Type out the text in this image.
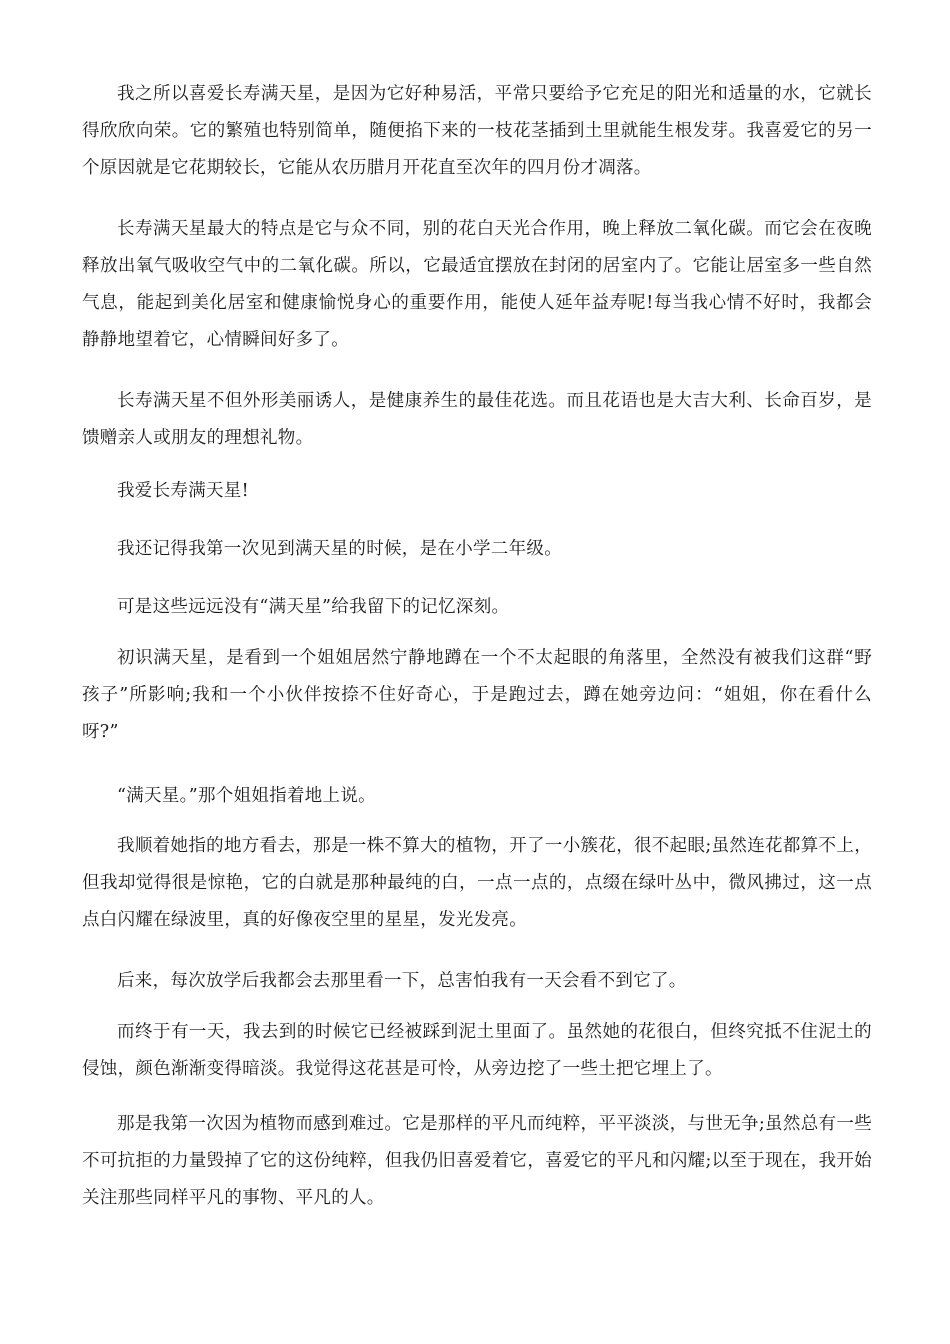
我之所以喜爱长寿满天星，是因为它好种易活，平常只要给予它充足的阳光和适量的水，它就长得欣欣向荣。它的繁殖也特别简单，随便掐下来的一枝花茎插到土里就能生根发芽。我喜爱它的另一个原因就是它花期较长，它能从农历腊月开花直至次年的四月份才凋落。

长寿满天星最大的特点是它与众不同，别的花白天光合作用，晚上释放二氧化碳。而它会在夜晚释放出氧气吸收空气中的二氧化碳。所以，它最适宜摆放在封闭的居室内了。它能让居室多一些自然气息，能起到美化居室和健康愉悦身心的重要作用，能使人延年益寿呢!每当我心情不好时，我都会静静地望着它，心情瞬间好多了。

长寿满天星不但外形美丽诱人，是健康养生的最佳花选。而且花语也是大吉大利、长命百岁，是馈赠亲人或朋友的理想礼物。

我爱长寿满天星!

我还记得我第一次见到满天星的时候，是在小学二年级。

可是这些远远没有“满天星”给我留下的记忆深刻。

初识满天星，是看到一个姐姐居然宁静地蹲在一个不太起眼的角落里，全然没有被我们这群“野孩子”所影响;我和一个小伙伴按捺不住好奇心，于是跑过去，蹲在她旁边问：“姐姐，你在看什么呀?”

“满天星。”那个姐姐指着地上说。

我顺着她指的地方看去，那是一株不算大的植物，开了一小簇花，很不起眼;虽然连花都算不上，但我却觉得很是惊艳，它的白就是那种最纯的白，一点一点的，点缀在绿叶丛中，微风拂过，这一点点白闪耀在绿波里，真的好像夜空里的星星，发光发亮。

后来，每次放学后我都会去那里看一下，总害怕我有一天会看不到它了。

而终于有一天，我去到的时候它已经被踩到泥土里面了。虽然她的花很白，但终究抵不住泥土的侵蚀，颜色渐渐变得暗淡。我觉得这花甚是可怜，从旁边挖了一些土把它埋上了。

那是我第一次因为植物而感到难过。它是那样的平凡而纯粹，平平淡淡，与世无争;虽然总有一些不可抗拒的力量毁掉了它的这份纯粹，但我仍旧喜爱着它，喜爱它的平凡和闪耀;以至于现在，我开始关注那些同样平凡的事物、平凡的人。
